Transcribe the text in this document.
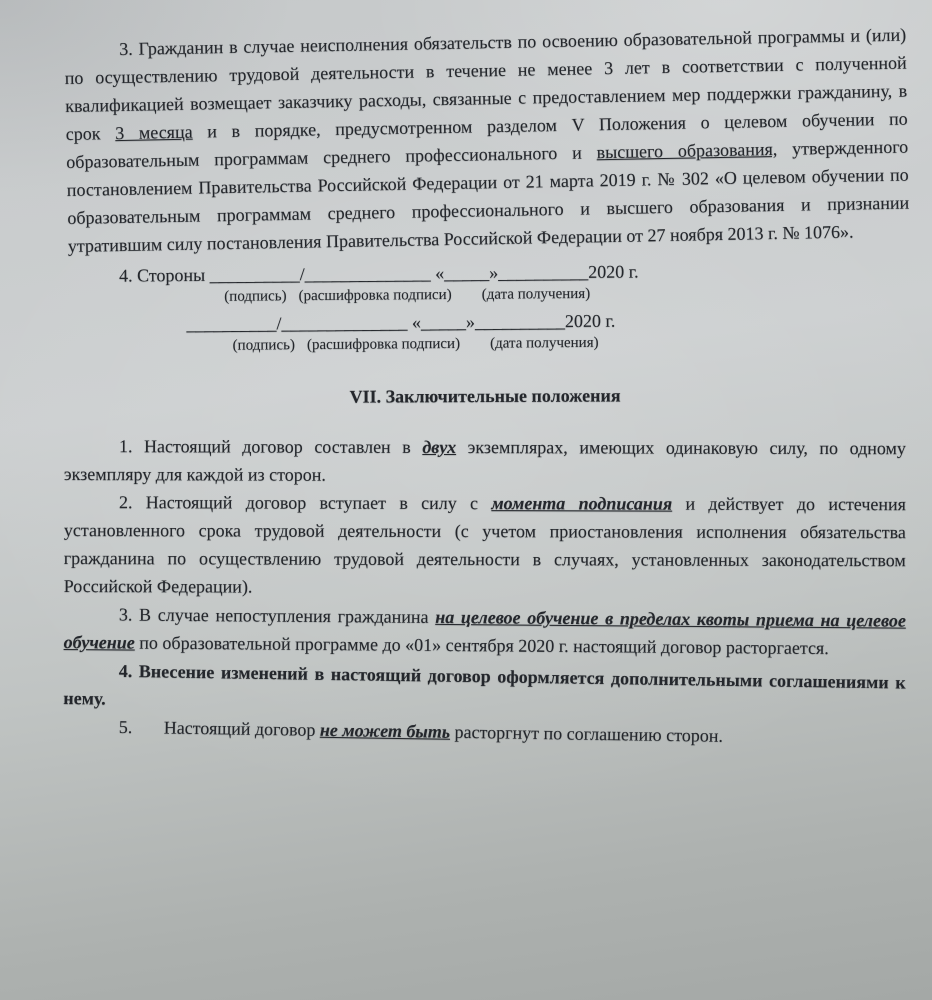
3. Гражданин в случае неисполнения обязательств по освоению образовательной программы и (или) по осуществлению трудовой деятельности в течение не менее 3 лет в соответствии с полученной квалификацией возмещает заказчику расходы, связанные с предоставлением мер поддержки гражданину, в срок 3 месяца и в порядке, предусмотренном разделом V Положения о целевом обучении по образовательным программам среднего профессионального и высшего образования, утвержденного постановлением Правительства Российской Федерации от 21 марта 2019 г. № 302 «О целевом обучении по образовательным программам среднего профессионального и высшего образования и признании утратившим силу постановления Правительства Российской Федерации от 27 ноября 2013 г. № 1076».

4. Стороны __________/______________ «_____»__________2020 г.
(подпись) (расшифровка подписи) (дата получения)
__________/______________ «_____»__________2020 г.
(подпись) (расшифровка подписи) (дата получения)
VII. Заключительные положения

1. Настоящий договор составлен в двух экземплярах, имеющих одинаковую силу, по одному экземпляру для каждой из сторон.

2. Настоящий договор вступает в силу с момента подписания и действует до истечения установленного срока трудовой деятельности (с учетом приостановления исполнения обязательства гражданина по осуществлению трудовой деятельности в случаях, установленных законодательством Российской Федерации).

3. В случае непоступления гражданина на целевое обучение в пределах квоты приема на целевое обучение по образовательной программе до «01» сентября 2020 г. настоящий договор расторгается.

4. Внесение изменений в настоящий договор оформляется дополнительными соглашениями к нему.

5.       Настоящий договор не может быть расторгнут по соглашению сторон.
